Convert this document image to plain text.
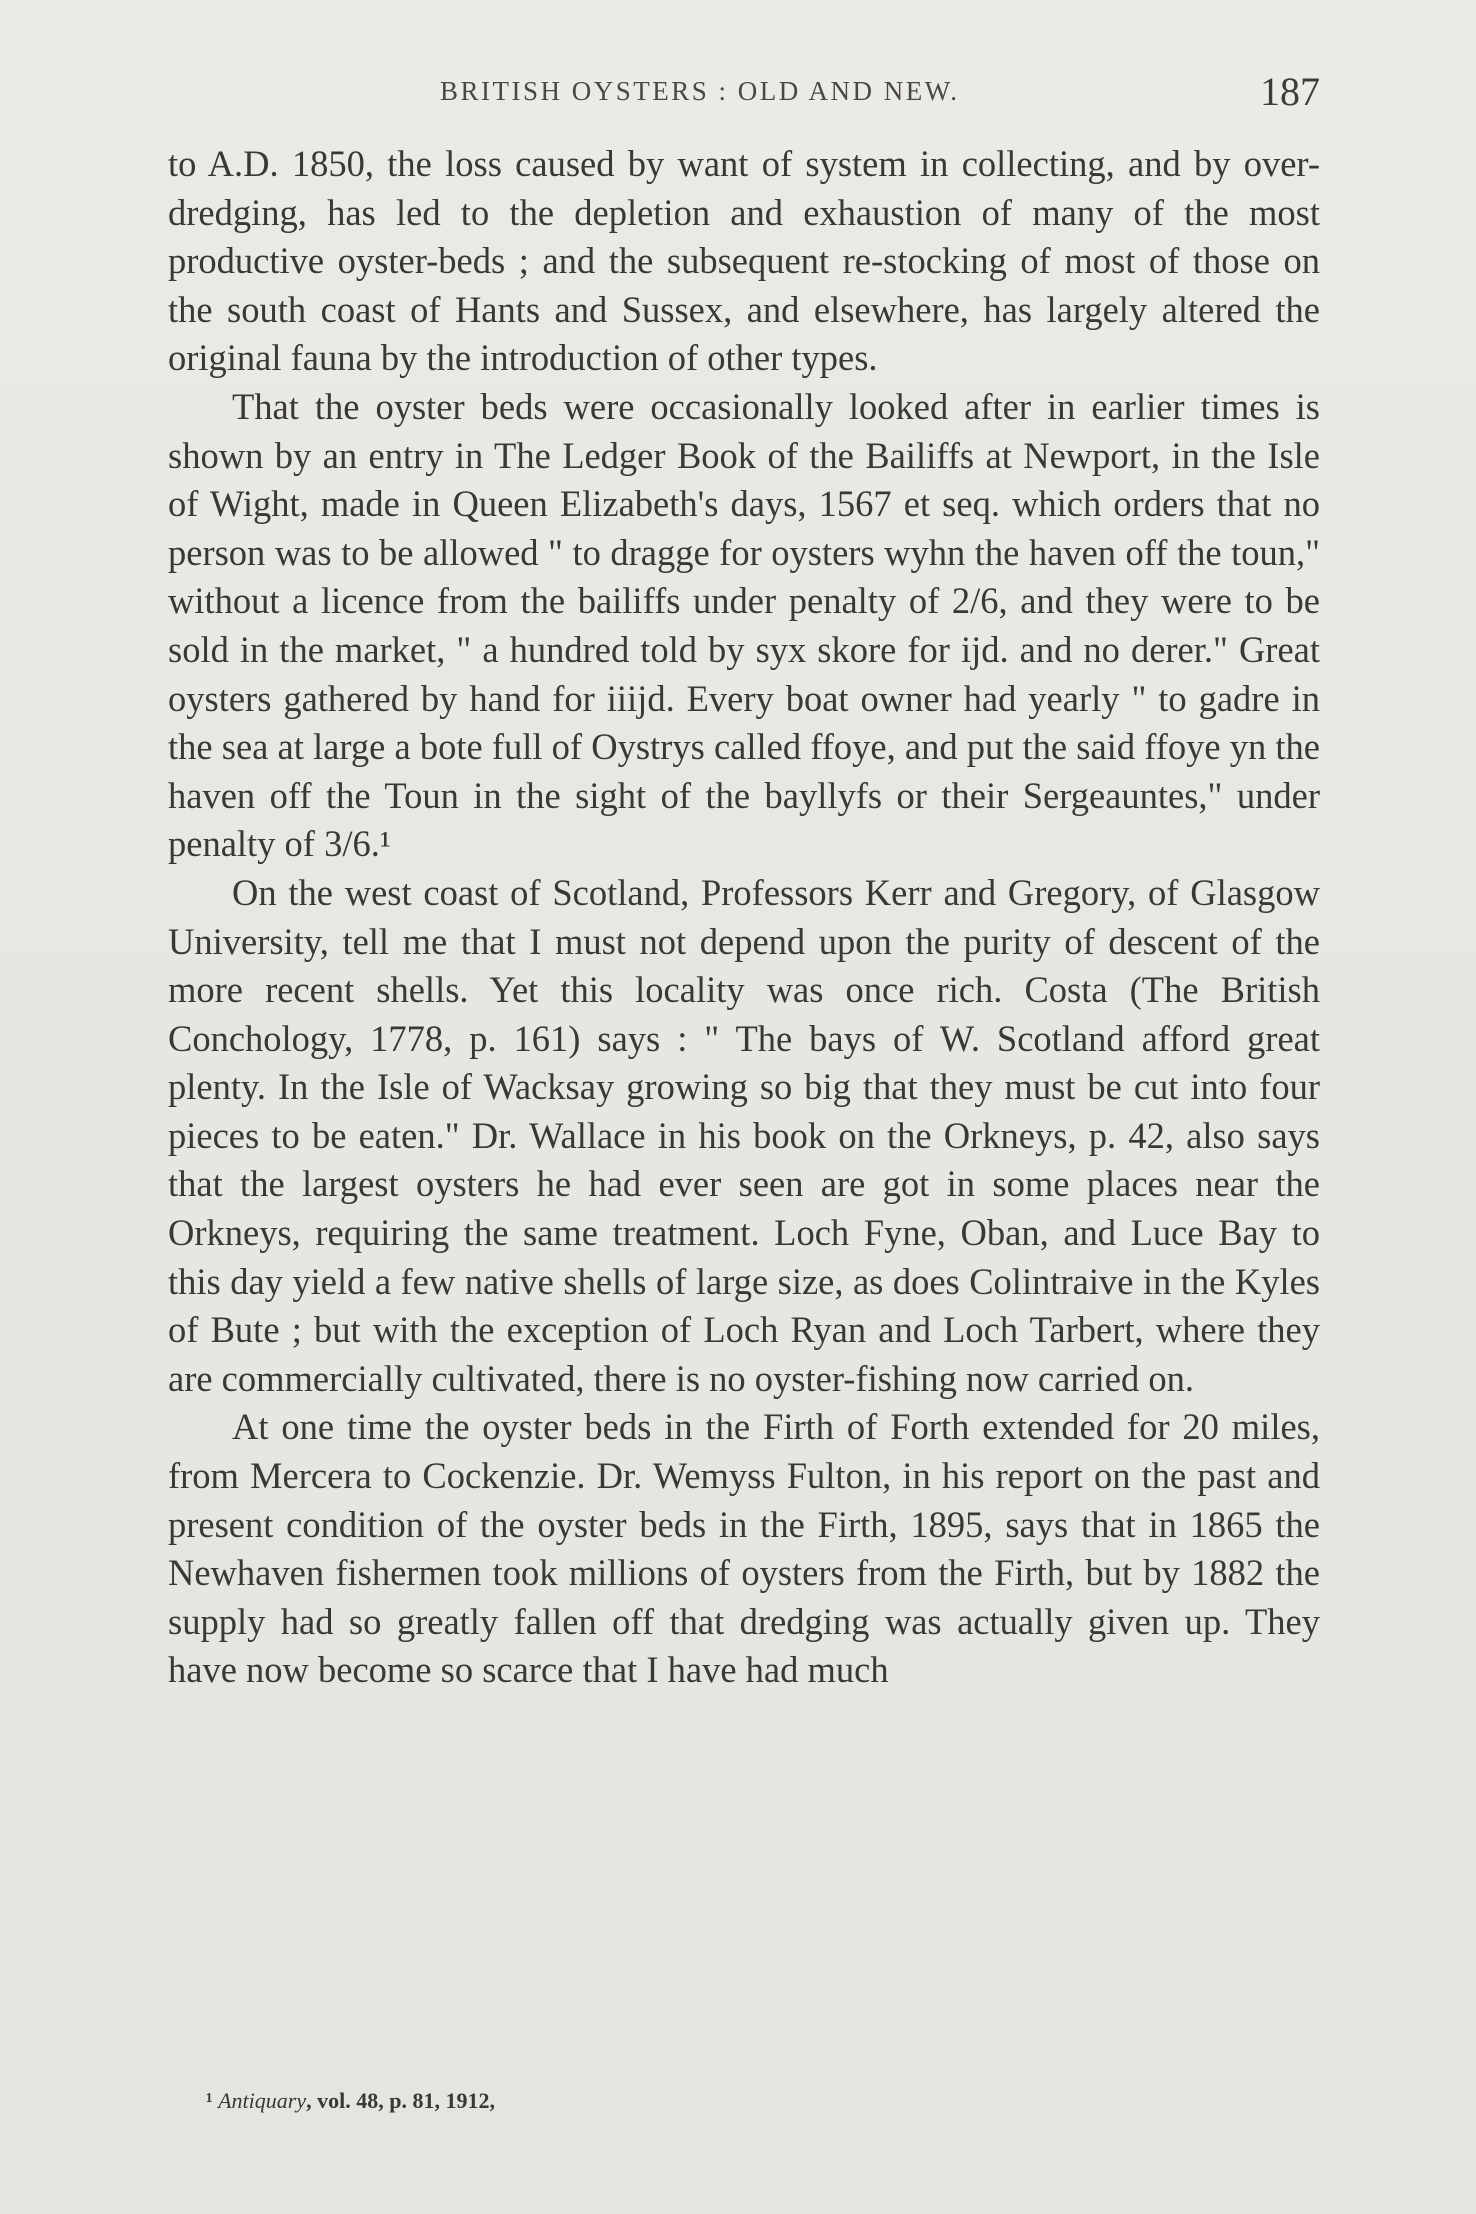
BRITISH OYSTERS : OLD AND NEW.	187

to A.D. 1850, the loss caused by want of system in collecting, and by over-dredging, has led to the depletion and exhaustion of many of the most productive oyster-beds ; and the subsequent re-stocking of most of those on the south coast of Hants and Sussex, and elsewhere, has largely altered the original fauna by the introduction of other types.

That the oyster beds were occasionally looked after in earlier times is shown by an entry in The Ledger Book of the Bailiffs at Newport, in the Isle of Wight, made in Queen Elizabeth's days, 1567 et seq. which orders that no person was to be allowed " to dragge for oysters wyhn the haven off the toun," without a licence from the bailiffs under penalty of 2/6, and they were to be sold in the market, " a hundred told by syx skore for ijd. and no derer." Great oysters gathered by hand for iiijd. Every boat owner had yearly " to gadre in the sea at large a bote full of Oystrys called ffoye, and put the said ffoye yn the haven off the Toun in the sight of the bayllyfs or their Sergeauntes," under penalty of 3/6.¹

On the west coast of Scotland, Professors Kerr and Gregory, of Glasgow University, tell me that I must not depend upon the purity of descent of the more recent shells. Yet this locality was once rich. Costa (The British Conchology, 1778, p. 161) says : " The bays of W. Scotland afford great plenty. In the Isle of Wacksay growing so big that they must be cut into four pieces to be eaten." Dr. Wallace in his book on the Orkneys, p. 42, also says that the largest oysters he had ever seen are got in some places near the Orkneys, requiring the same treatment. Loch Fyne, Oban, and Luce Bay to this day yield a few native shells of large size, as does Colintraive in the Kyles of Bute ; but with the exception of Loch Ryan and Loch Tarbert, where they are commercially cultivated, there is no oyster-fishing now carried on.

At one time the oyster beds in the Firth of Forth extended for 20 miles, from Mercera to Cockenzie. Dr. Wemyss Fulton, in his report on the past and present condition of the oyster beds in the Firth, 1895, says that in 1865 the Newhaven fishermen took millions of oysters from the Firth, but by 1882 the supply had so greatly fallen off that dredging was actually given up. They have now become so scarce that I have had much

¹ Antiquary, vol. 48, p. 81, 1912,
